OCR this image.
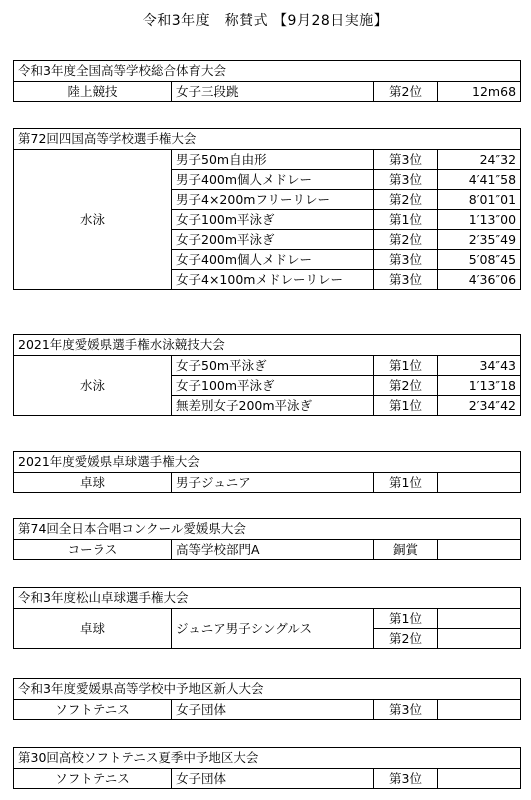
令和3年度　称賛式 【9月28日実施】
令和3年度全国高等学校総合体育大会
陸上競技	女子三段跳	第2位	12m68
第72回四国高等学校選手権大会			
水泳	男子50m自由形	第3位	24″32
	男子400m個人メドレー	第3位	4′41″58
	男子4×200mフリーリレー	第2位	8′01″01
	女子100m平泳ぎ	第1位	1′13″00
	女子200m平泳ぎ	第2位	2′35″49
	女子400m個人メドレー	第3位	5′08″45
	女子4×100mメドレーリレー	第3位	4′36″06
2021年度愛媛県選手権水泳競技大会			
水泳	女子50m平泳ぎ	第1位	34″43
	女子100m平泳ぎ	第2位	1′13″18
	無差別女子200m平泳ぎ	第1位	2′34″42
2021年度愛媛県卓球選手権大会
卓球	男子ジュニア	第1位	
第74回全日本合唱コンクール愛媛県大会
コーラス	高等学校部門A	銅賞	
令和3年度松山卓球選手権大会			
卓球	ジュニア男子シングルス	第1位	
		第2位	
令和3年度愛媛県高等学校中予地区新人大会
ソフトテニス	女子団体	第3位	
第30回高校ソフトテニス夏季中予地区大会
ソフトテニス	女子団体	第3位	
